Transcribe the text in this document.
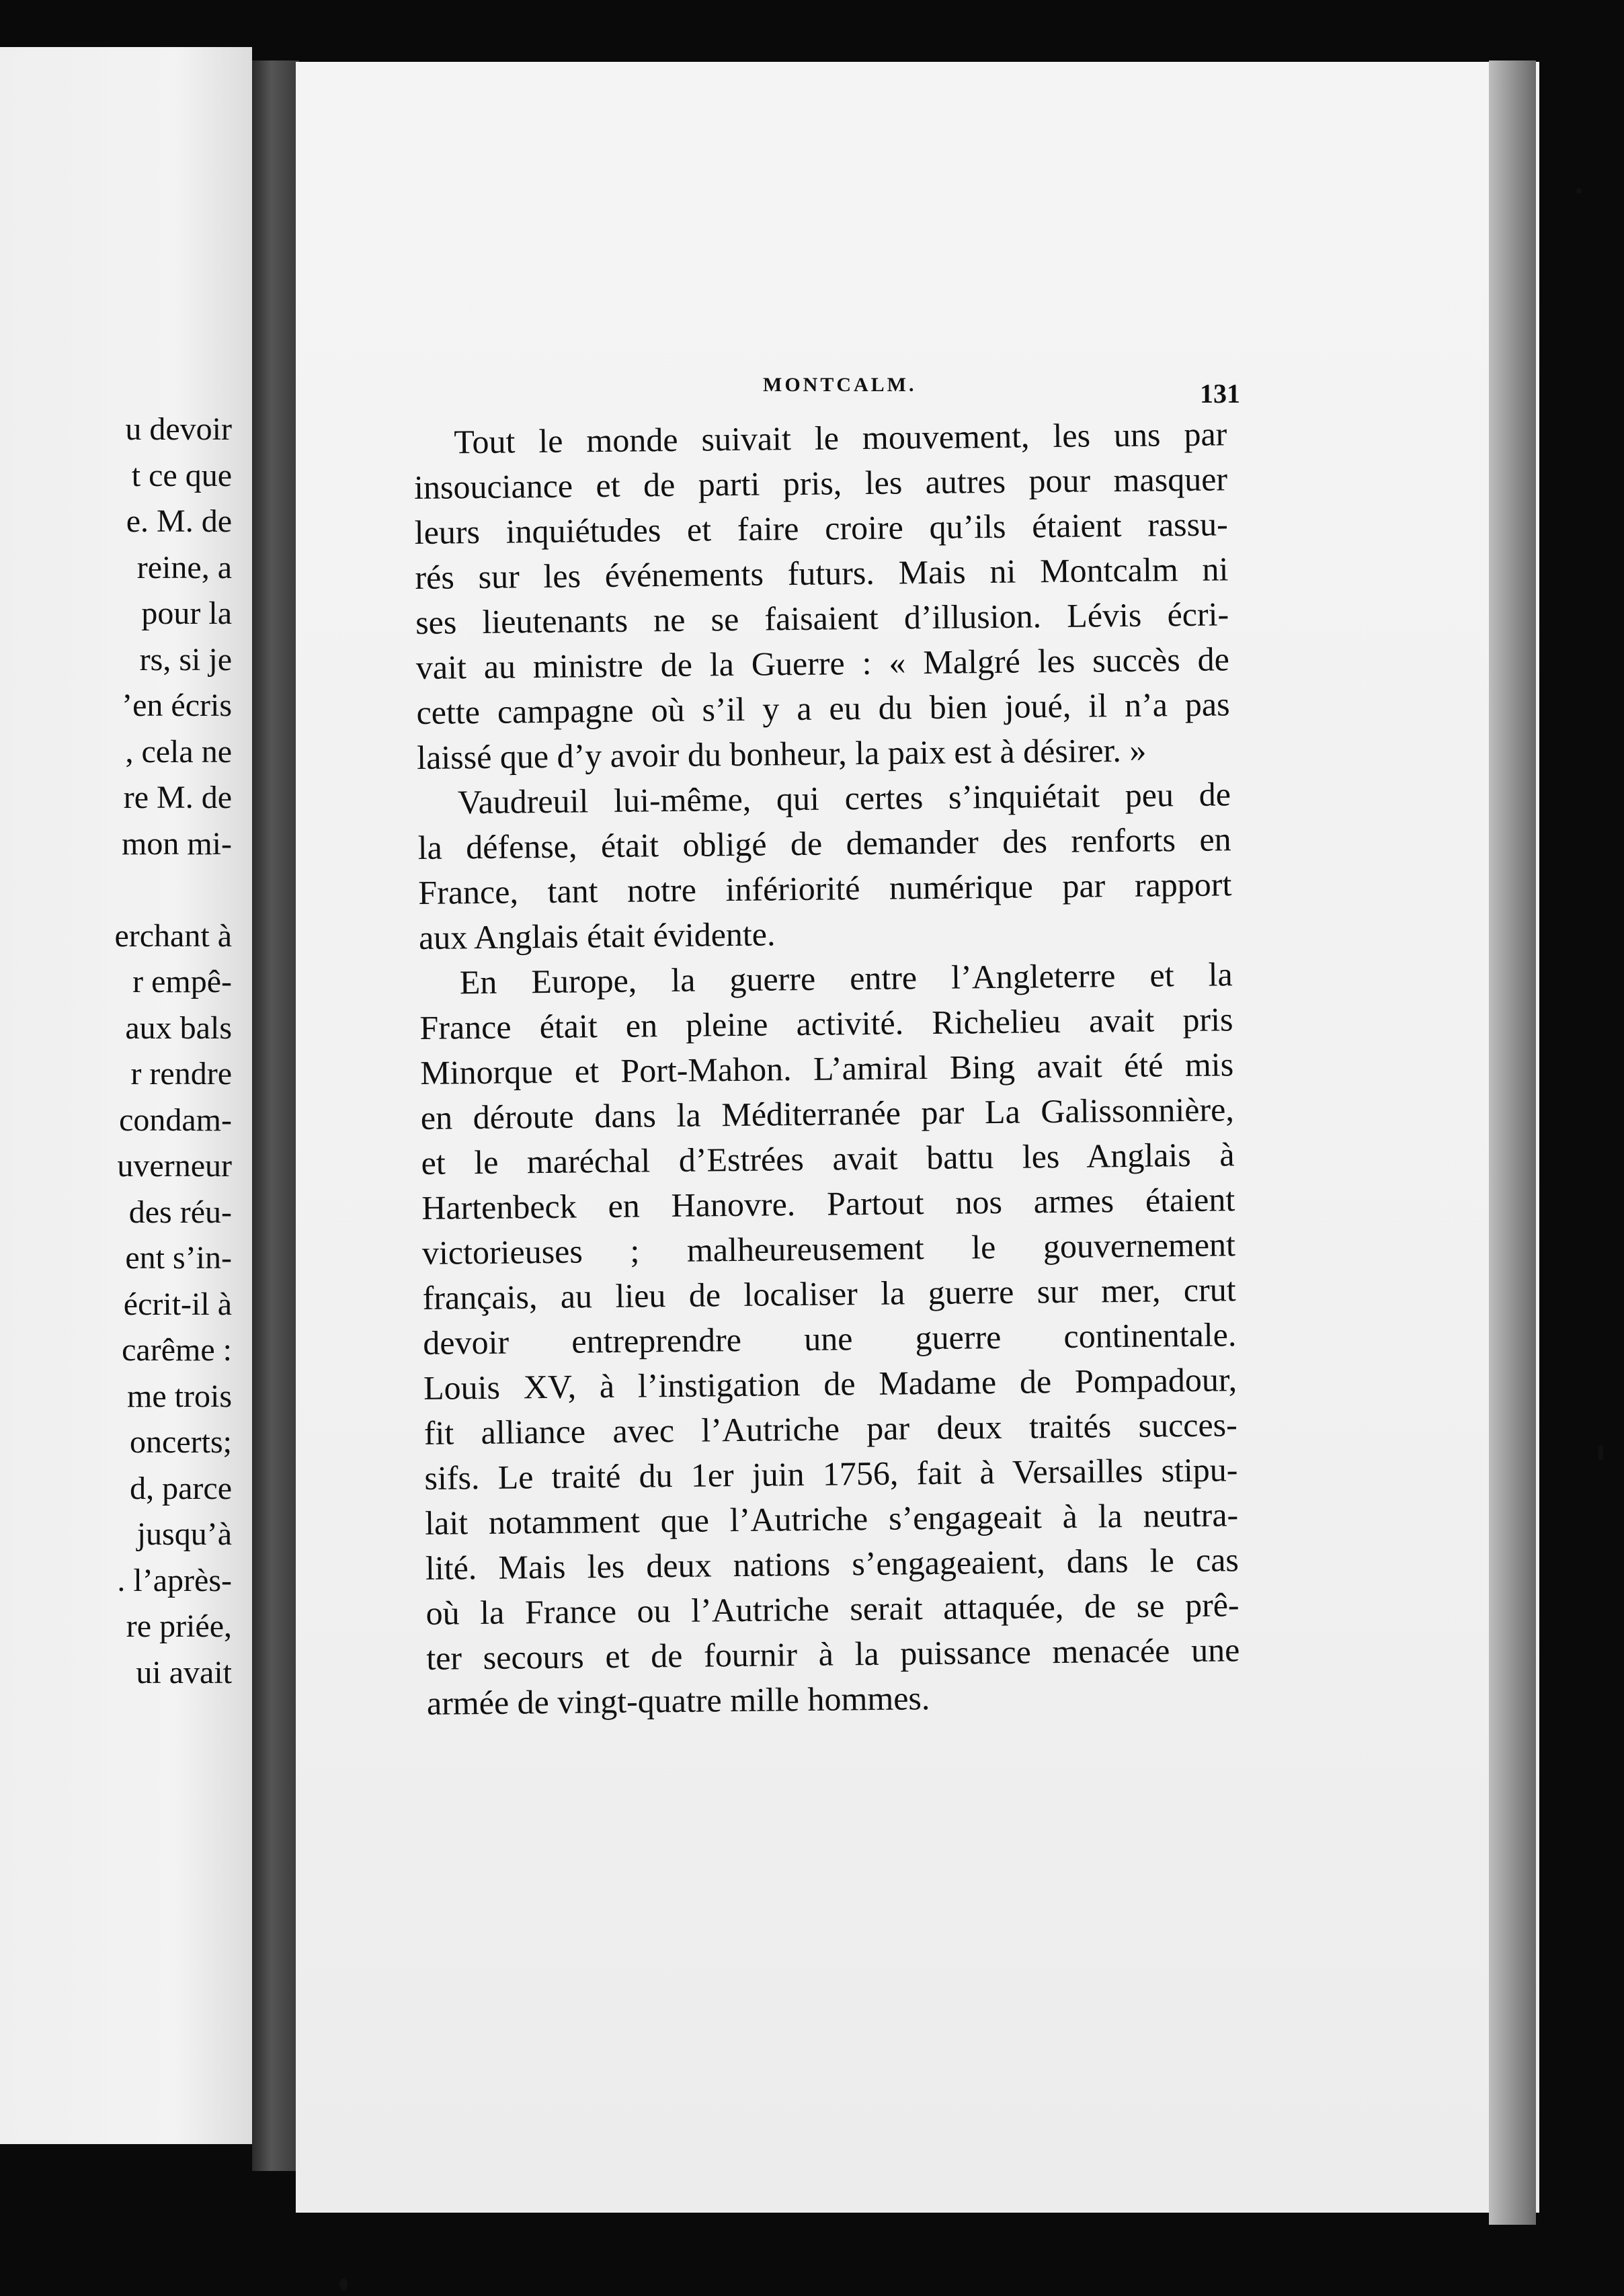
u devoir
t ce que
e. M. de
reine, a
pour la
rs, si je
’en écris
, cela ne
re M. de
mon mi-
erchant à
r empê-
aux bals
r rendre
condam-
uverneur
des réu-
ent s’in-
écrit-il à
carême :
me trois
oncerts;
d, parce
jusqu’à
. l’après-
re priée,
ui avait
MONTCALM.	131
Tout le monde suivait le mouvement, les uns par
insouciance et de parti pris, les autres pour masquer
leurs inquiétudes et faire croire qu’ils étaient rassu-
rés sur les événements futurs. Mais ni Montcalm ni
ses lieutenants ne se faisaient d’illusion. Lévis écri-
vait au ministre de la Guerre : « Malgré les succès de
cette campagne où s’il y a eu du bien joué, il n’a pas
laissé que d’y avoir du bonheur, la paix est à désirer. »
Vaudreuil lui-même, qui certes s’inquiétait peu de
la défense, était obligé de demander des renforts en
France, tant notre infériorité numérique par rapport
aux Anglais était évidente.
En Europe, la guerre entre l’Angleterre et la
France était en pleine activité. Richelieu avait pris
Minorque et Port-Mahon. L’amiral Bing avait été mis
en déroute dans la Méditerranée par La Galissonnière,
et le maréchal d’Estrées avait battu les Anglais à
Hartenbeck en Hanovre. Partout nos armes étaient
victorieuses ; malheureusement le gouvernement
français, au lieu de localiser la guerre sur mer, crut
devoir entreprendre une guerre continentale.
Louis XV, à l’instigation de Madame de Pompadour,
fit alliance avec l’Autriche par deux traités succes-
sifs. Le traité du 1er juin 1756, fait à Versailles stipu-
lait notamment que l’Autriche s’engageait à la neutra-
lité. Mais les deux nations s’engageaient, dans le cas
où la France ou l’Autriche serait attaquée, de se prê-
ter secours et de fournir à la puissance menacée une
armée de vingt-quatre mille hommes.
